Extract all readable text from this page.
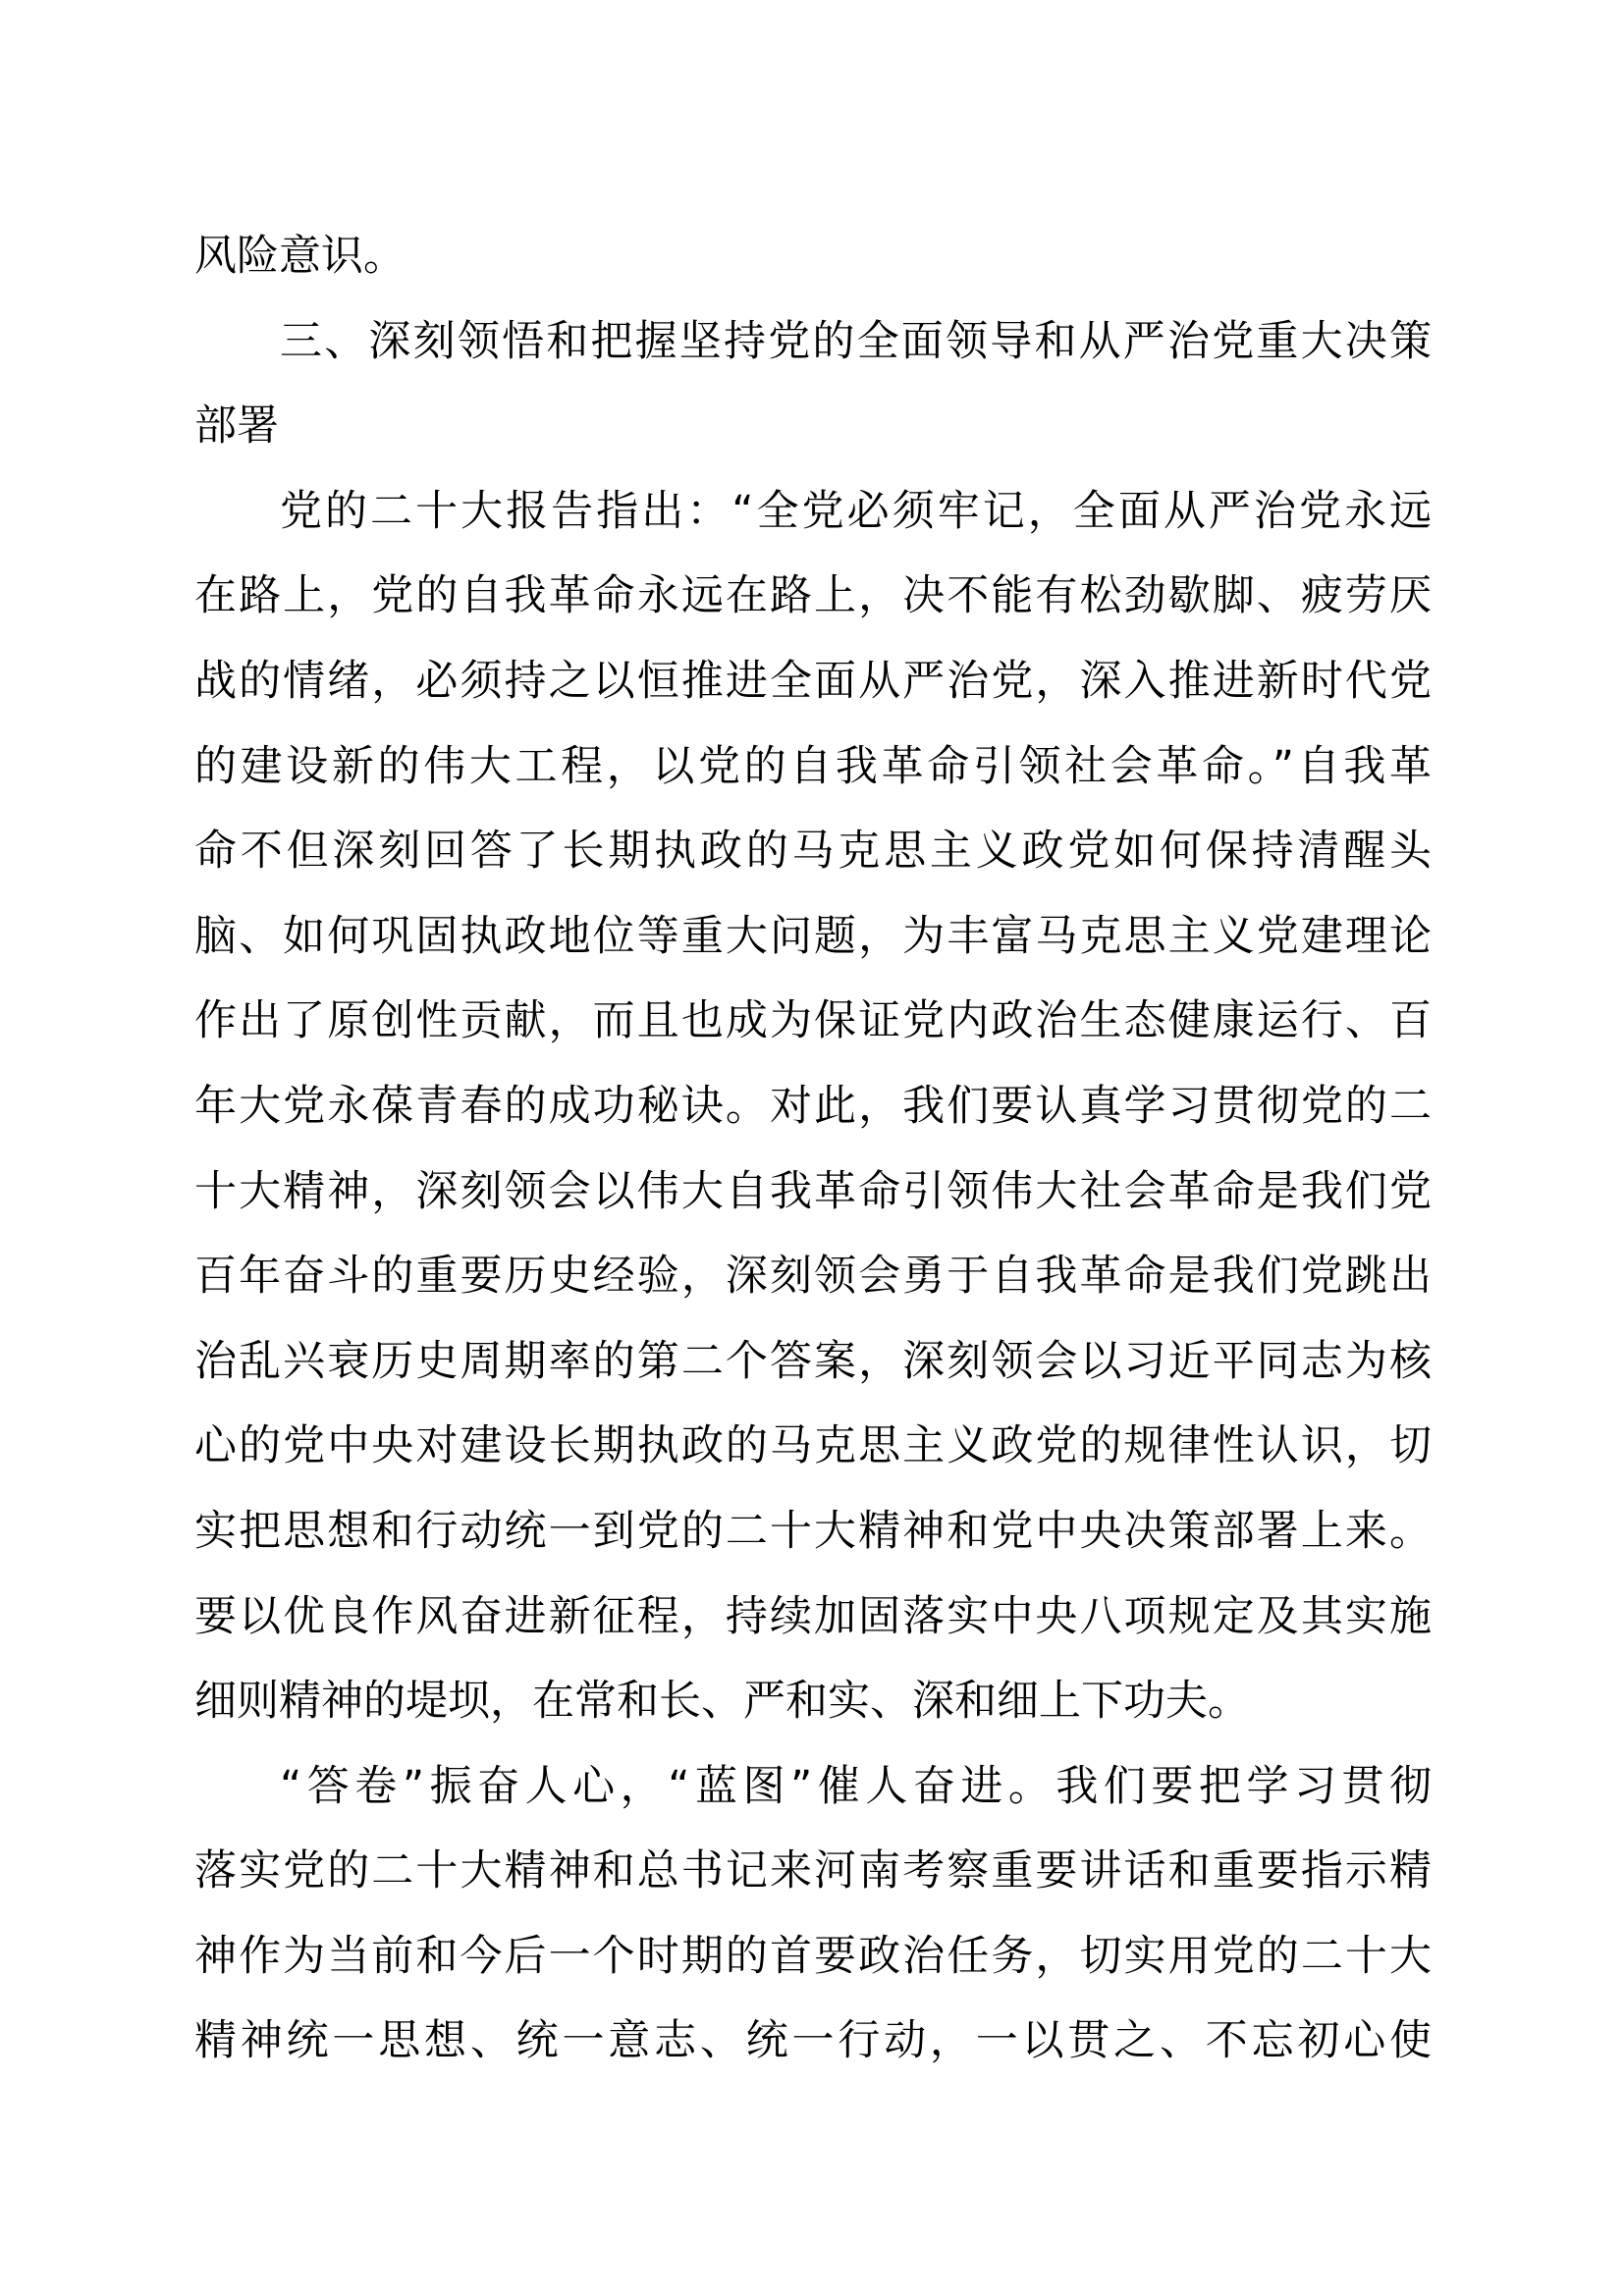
风险意识。
三、深刻领悟和把握坚持党的全面领导和从严治党重大决策
部署
党的二十大报告指出：“全党必须牢记，全面从严治党永远
在路上，党的自我革命永远在路上，决不能有松劲歇脚、疲劳厌
战的情绪，必须持之以恒推进全面从严治党，深入推进新时代党
的建设新的伟大工程，以党的自我革命引领社会革命。”自我革
命不但深刻回答了长期执政的马克思主义政党如何保持清醒头
脑、如何巩固执政地位等重大问题，为丰富马克思主义党建理论
作出了原创性贡献，而且也成为保证党内政治生态健康运行、百
年大党永葆青春的成功秘诀。对此，我们要认真学习贯彻党的二
十大精神，深刻领会以伟大自我革命引领伟大社会革命是我们党
百年奋斗的重要历史经验，深刻领会勇于自我革命是我们党跳出
治乱兴衰历史周期率的第二个答案，深刻领会以习近平同志为核
心的党中央对建设长期执政的马克思主义政党的规律性认识，切
实把思想和行动统一到党的二十大精神和党中央决策部署上来。
要以优良作风奋进新征程，持续加固落实中央八项规定及其实施
细则精神的堤坝，在常和长、严和实、深和细上下功夫。
“答卷”振奋人心，“蓝图”催人奋进。我们要把学习贯彻
落实党的二十大精神和总书记来河南考察重要讲话和重要指示精
神作为当前和今后一个时期的首要政治任务，切实用党的二十大
精神统一思想、统一意志、统一行动，一以贯之、不忘初心使
